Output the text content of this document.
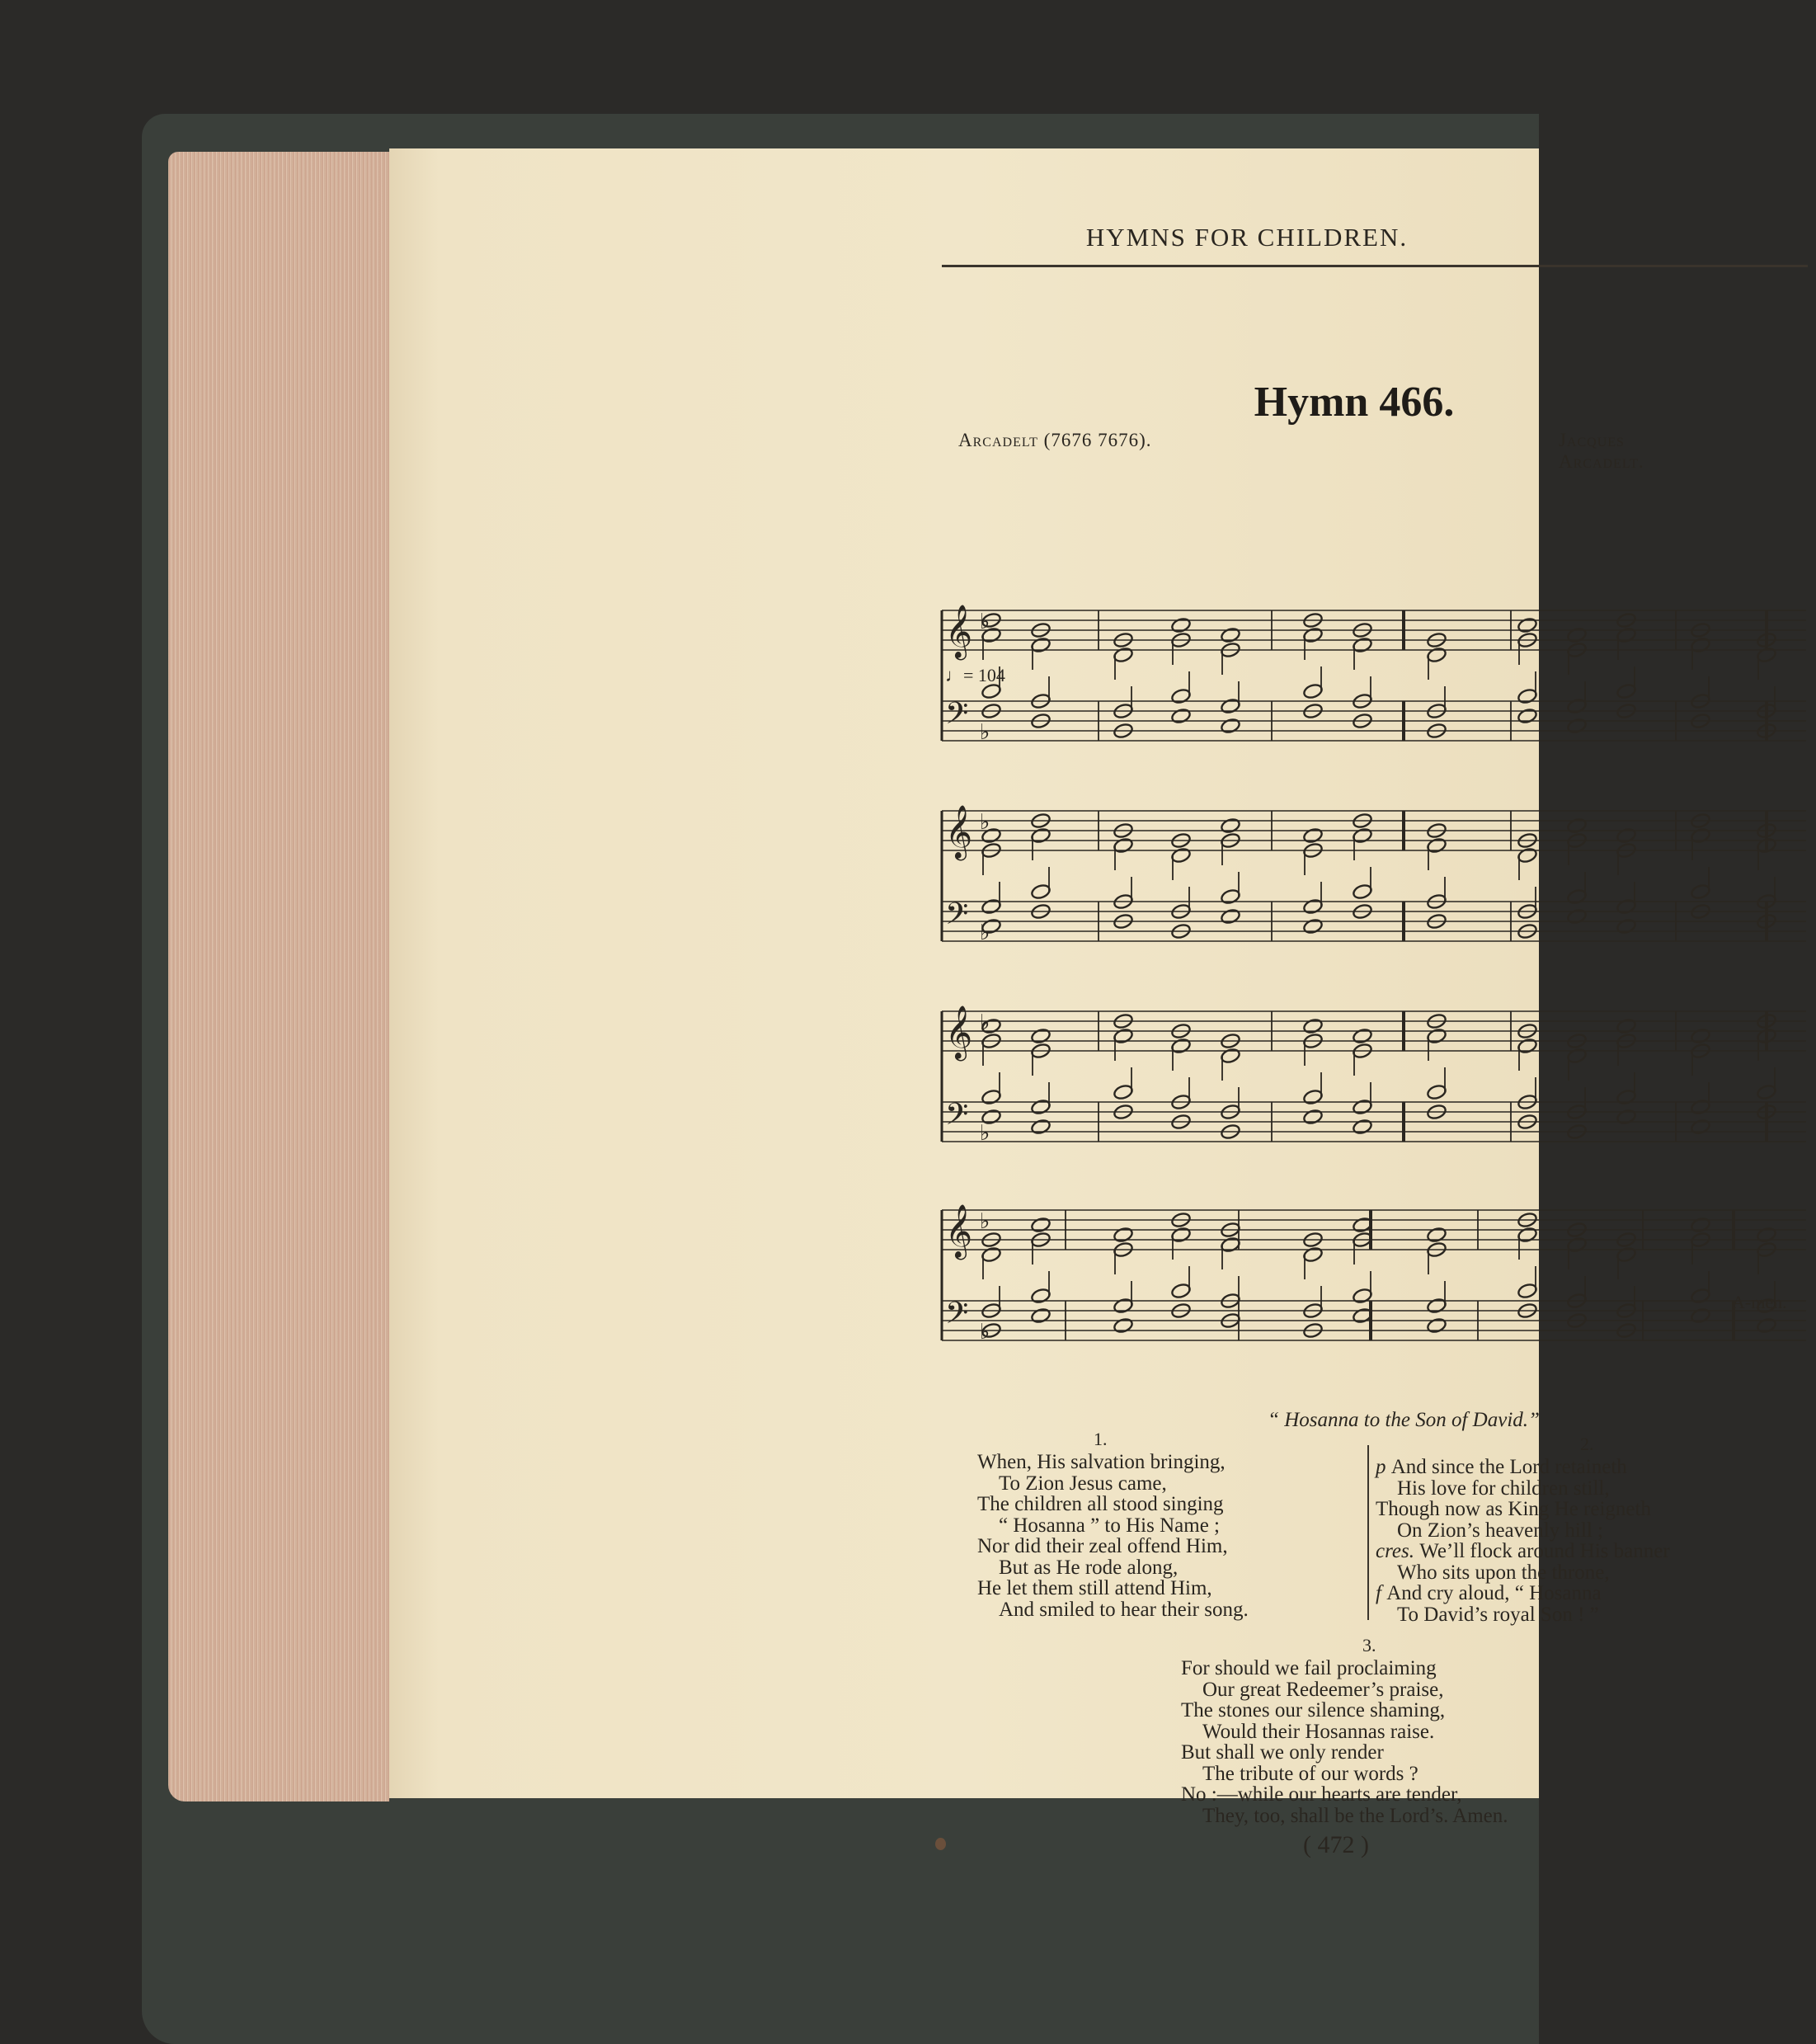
HYMNS FOR CHILDREN.
Hymn 466.
Arcadelt (7676 7676).	Jacques Arcadelt.
𝄞 ♭
𝄢 ♭
𝄞 ♭
𝄢 ♭
𝄞 ♭
𝄢 ♭
𝄞 ♭
𝄢 ♭
♩= 104
A-men.
“ Hosanna to the Son of David.”
1.
When, His salvation bringing,
To Zion Jesus came,
The children all stood singing
“ Hosanna ” to His Name ;
Nor did their zeal offend Him,
But as He rode along,
He let them still attend Him,
And smiled to hear their song.
2.
p And since the Lord retaineth
His love for children still,
Though now as King He reigneth
On Zion’s heavenly hill ;
cres. We’ll flock around His banner
Who sits upon the throne,
f And cry aloud, “ Hosanna
To David’s royal Son ! ”
3.
For should we fail proclaiming
Our great Redeemer’s praise,
The stones our silence shaming,
Would their Hosannas raise.
But shall we only render
The tribute of our words ?
No :—while our hearts are tender,
They, too, shall be the Lord’s. Amen.
( 472 )
